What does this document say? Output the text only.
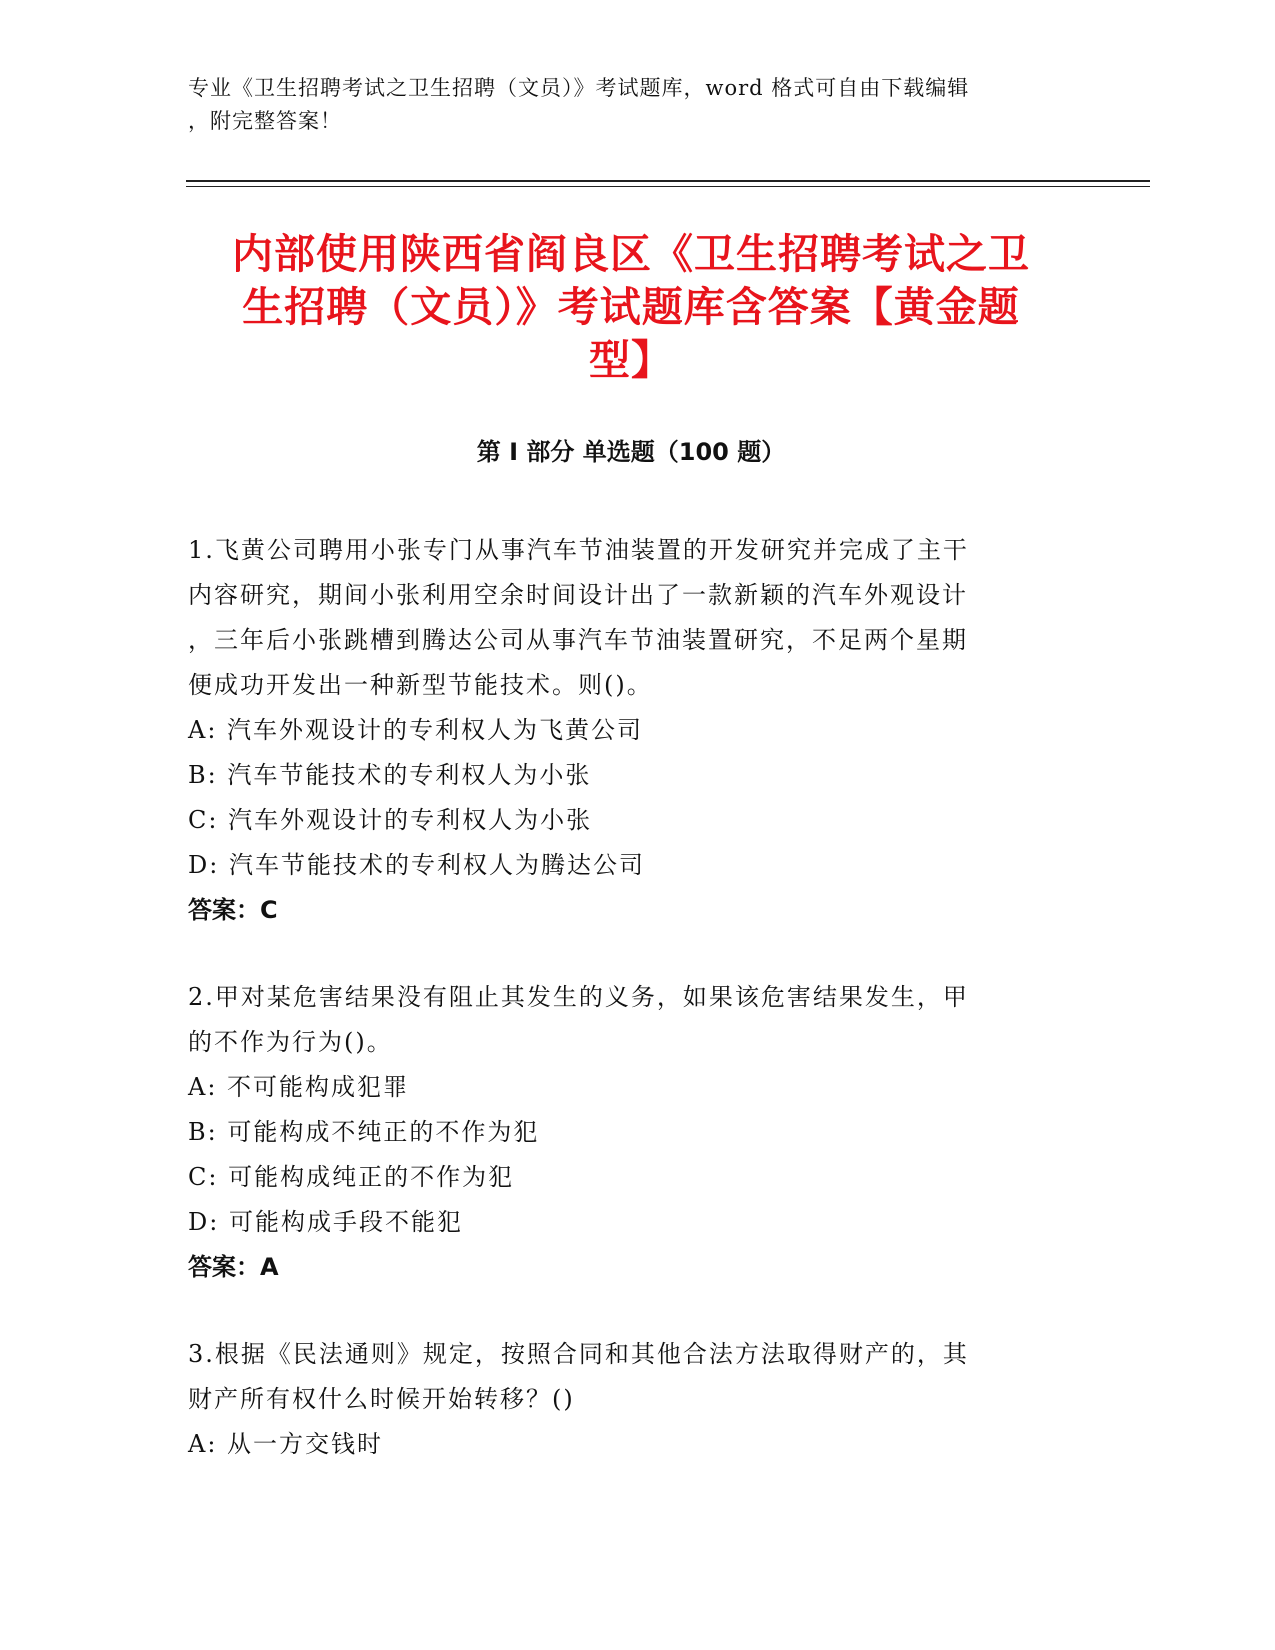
专业《卫生招聘考试之卫生招聘（文员）》考试题库，word 格式可自由下载编辑
，附完整答案！
内部使用陕西省阎良区《卫生招聘考试之卫
生招聘（文员）》考试题库含答案【黄金题
型】
第 I 部分 单选题（100 题）

1.飞黄公司聘用小张专门从事汽车节油装置的开发研究并完成了主干

内容研究，期间小张利用空余时间设计出了一款新颖的汽车外观设计

，三年后小张跳槽到腾达公司从事汽车节油装置研究，不足两个星期

便成功开发出一种新型节能技术。则()。

A: 汽车外观设计的专利权人为飞黄公司

B: 汽车节能技术的专利权人为小张

C: 汽车外观设计的专利权人为小张

D: 汽车节能技术的专利权人为腾达公司

答案：C

2.甲对某危害结果没有阻止其发生的义务，如果该危害结果发生，甲

的不作为行为()。

A: 不可能构成犯罪

B: 可能构成不纯正的不作为犯

C: 可能构成纯正的不作为犯

D: 可能构成手段不能犯

答案：A

3.根据《民法通则》规定，按照合同和其他合法方法取得财产的，其

财产所有权什么时候开始转移？()

A: 从一方交钱时
